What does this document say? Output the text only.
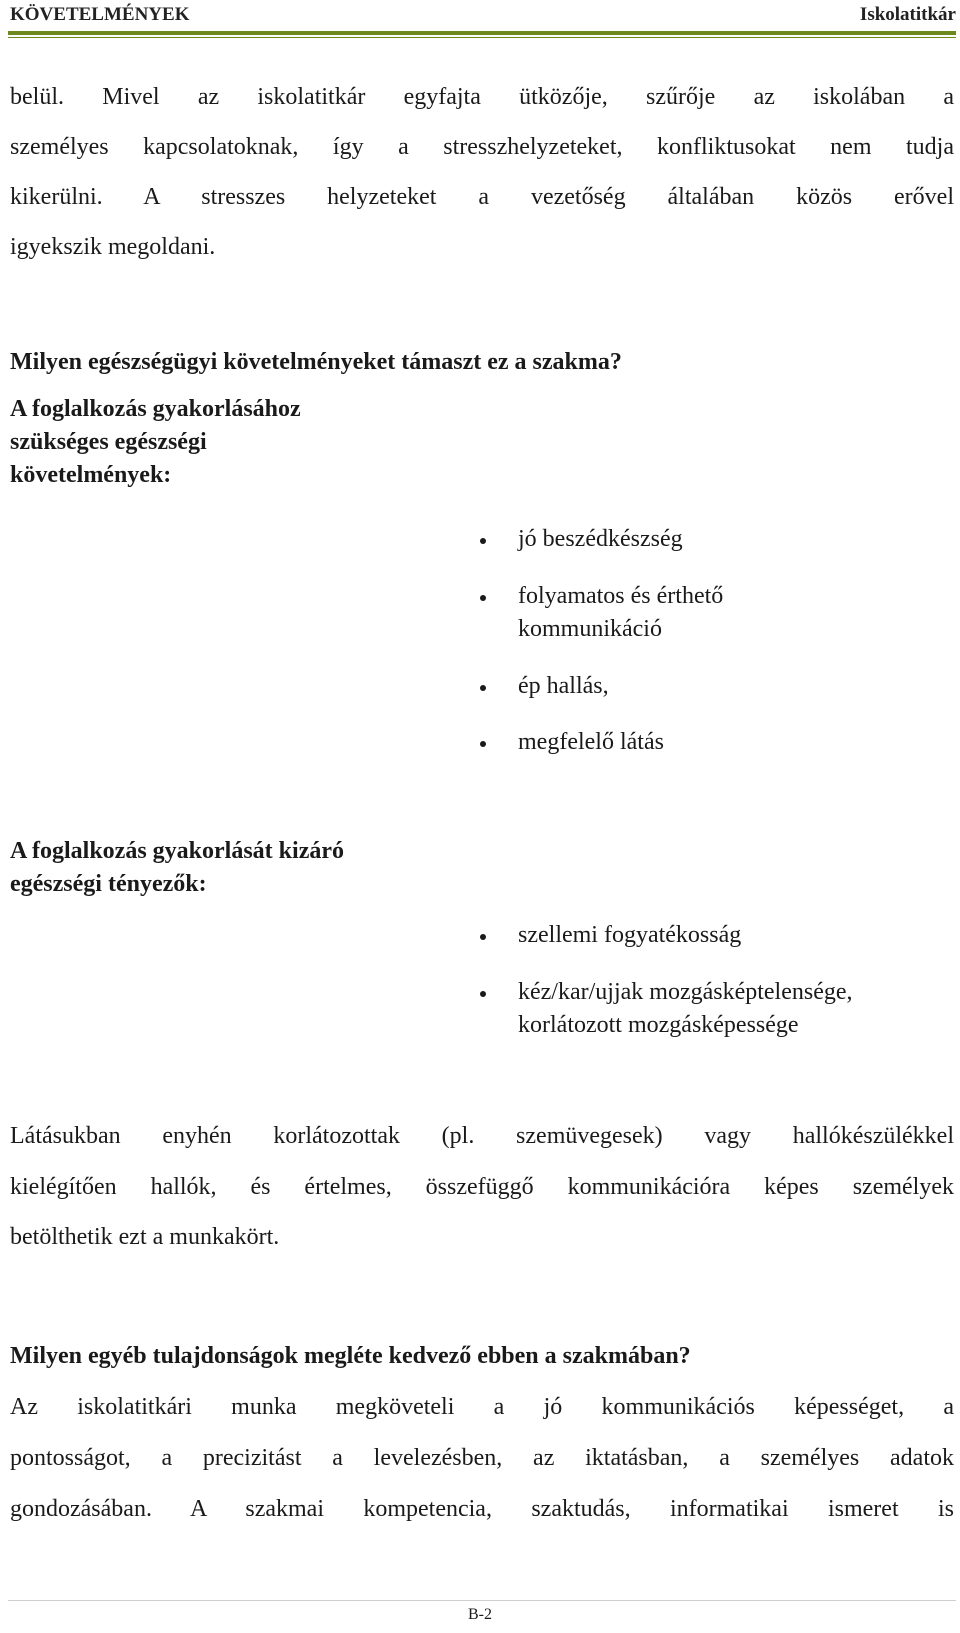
KÖVETELMÉNYEK	Iskolatitkár

belül. Mivel az iskolatitkár egyfajta ütközője, szűrője az iskolában a

személyes kapcsolatoknak, így a stresszhelyzeteket, konfliktusokat nem tudja

kikerülni. A stresszes helyzeteket a vezetőség általában közös erővel

igyekszik megoldani.

Milyen egészségügyi követelményeket támaszt ez a szakma?
A foglalkozás gyakorlásához
szükséges egészségi
követelmények:
jó beszédkészség
folyamatos és érthető
kommunikáció
ép hallás,
megfelelő látás
A foglalkozás gyakorlását kizáró
egészségi tényezők:
szellemi fogyatékosság
kéz/kar/ujjak mozgásképtelensége,
korlátozott mozgásképessége

Látásukban enyhén korlátozottak (pl. szemüvegesek) vagy hallókészülékkel

kielégítően hallók, és értelmes, összefüggő kommunikációra képes személyek

betölthetik ezt a munkakört.

Milyen egyéb tulajdonságok megléte kedvező ebben a szakmában?

Az iskolatitkári munka megköveteli a jó kommunikációs képességet, a

pontosságot, a precizitást a levelezésben, az iktatásban, a személyes adatok

gondozásában. A szakmai kompetencia, szaktudás, informatikai ismeret is

B-2
